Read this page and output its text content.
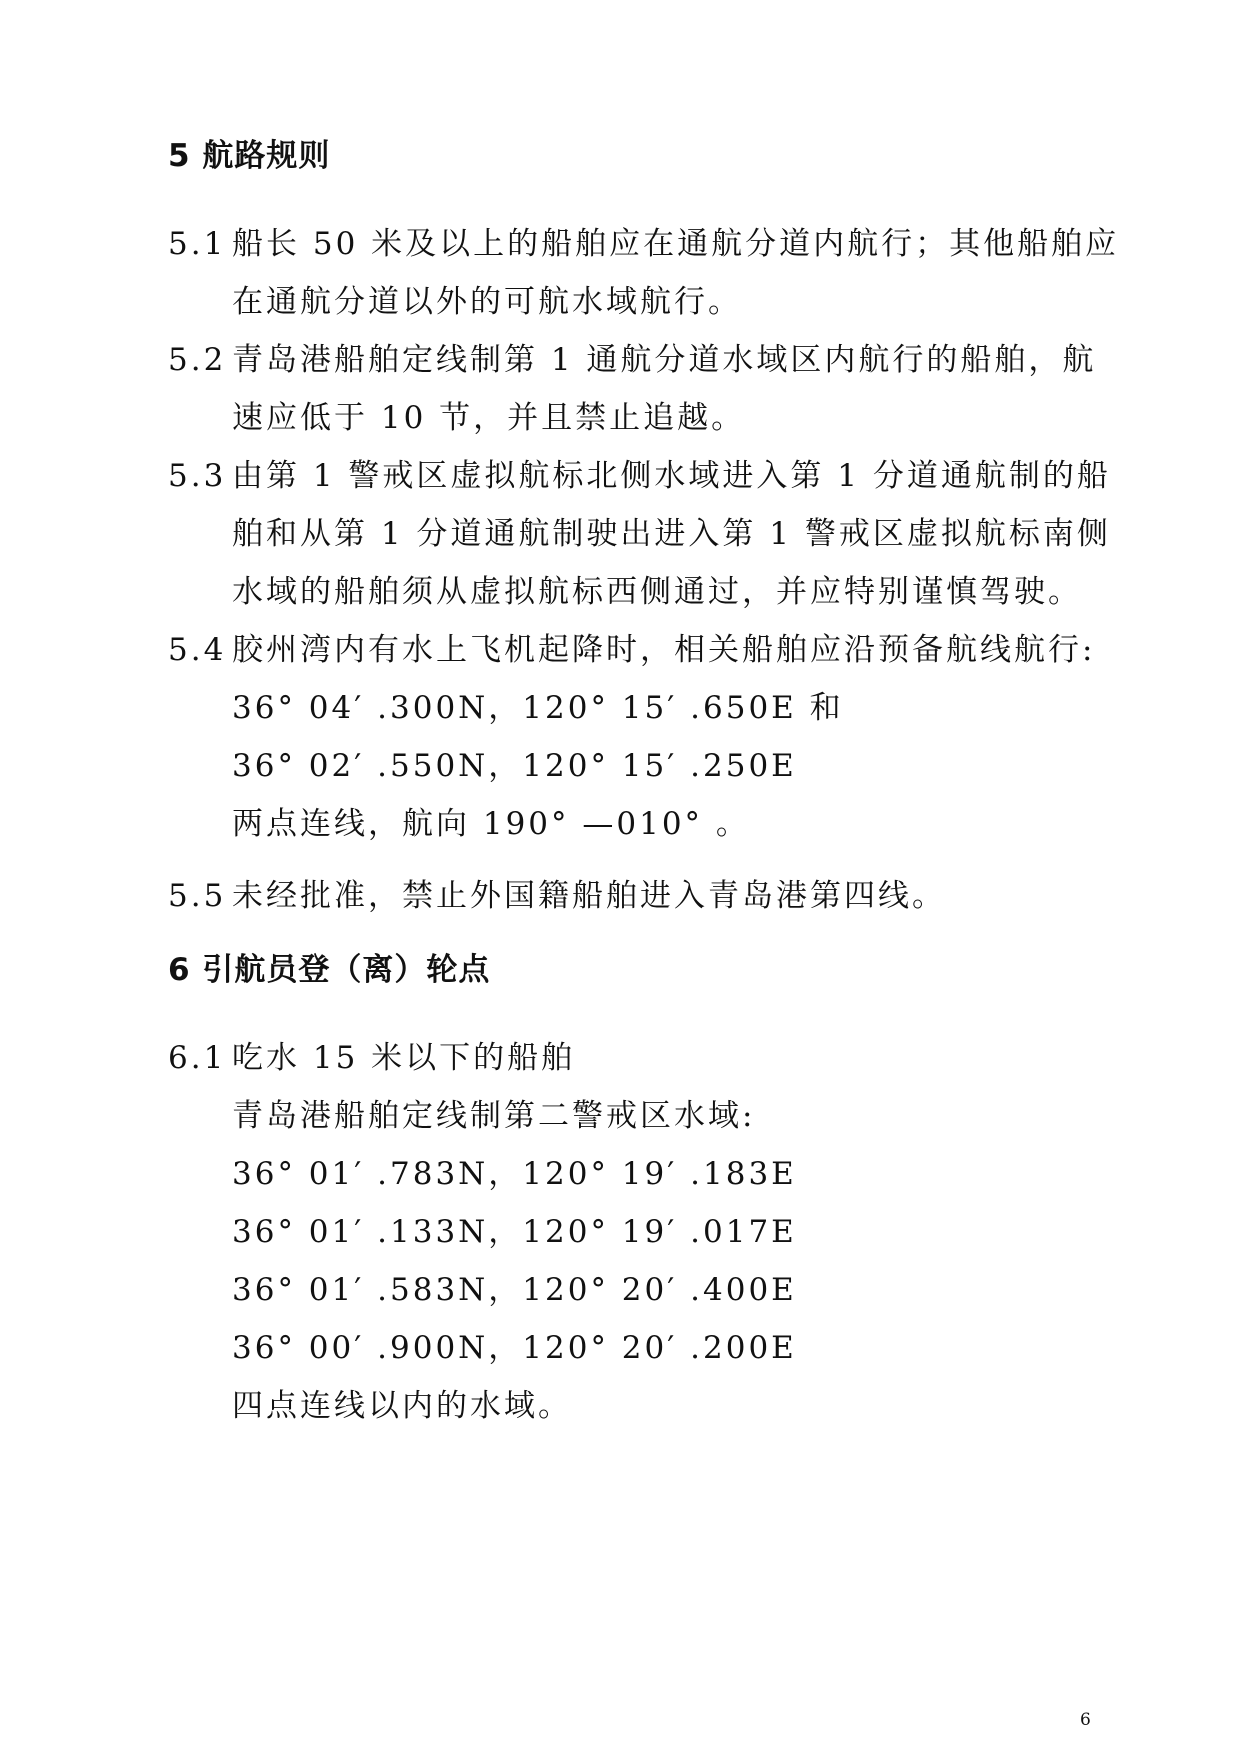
5 航路规则
5.1 船长 50 米及以上的船舶应在通航分道内航行；其他船舶应
在通航分道以外的可航水域航行。
5.2 青岛港船舶定线制第 1 通航分道水域区内航行的船舶，航
速应低于 10 节，并且禁止追越。
5.3 由第 1 警戒区虚拟航标北侧水域进入第 1 分道通航制的船
舶和从第 1 分道通航制驶出进入第 1 警戒区虚拟航标南侧
水域的船舶须从虚拟航标西侧通过，并应特别谨慎驾驶。
5.4 胶州湾内有水上飞机起降时，相关船舶应沿预备航线航行:
36° 04′ .300N，120° 15′ .650E 和
36° 02′ .550N，120° 15′ .250E
两点连线，航向 190° —010° 。
5.5 未经批准，禁止外国籍船舶进入青岛港第四线。
6 引航员登（离）轮点
6.1 吃水 15 米以下的船舶
青岛港船舶定线制第二警戒区水域:
36° 01′ .783N，120° 19′ .183E
36° 01′ .133N，120° 19′ .017E
36° 01′ .583N，120° 20′ .400E
36° 00′ .900N，120° 20′ .200E
四点连线以内的水域。
6
